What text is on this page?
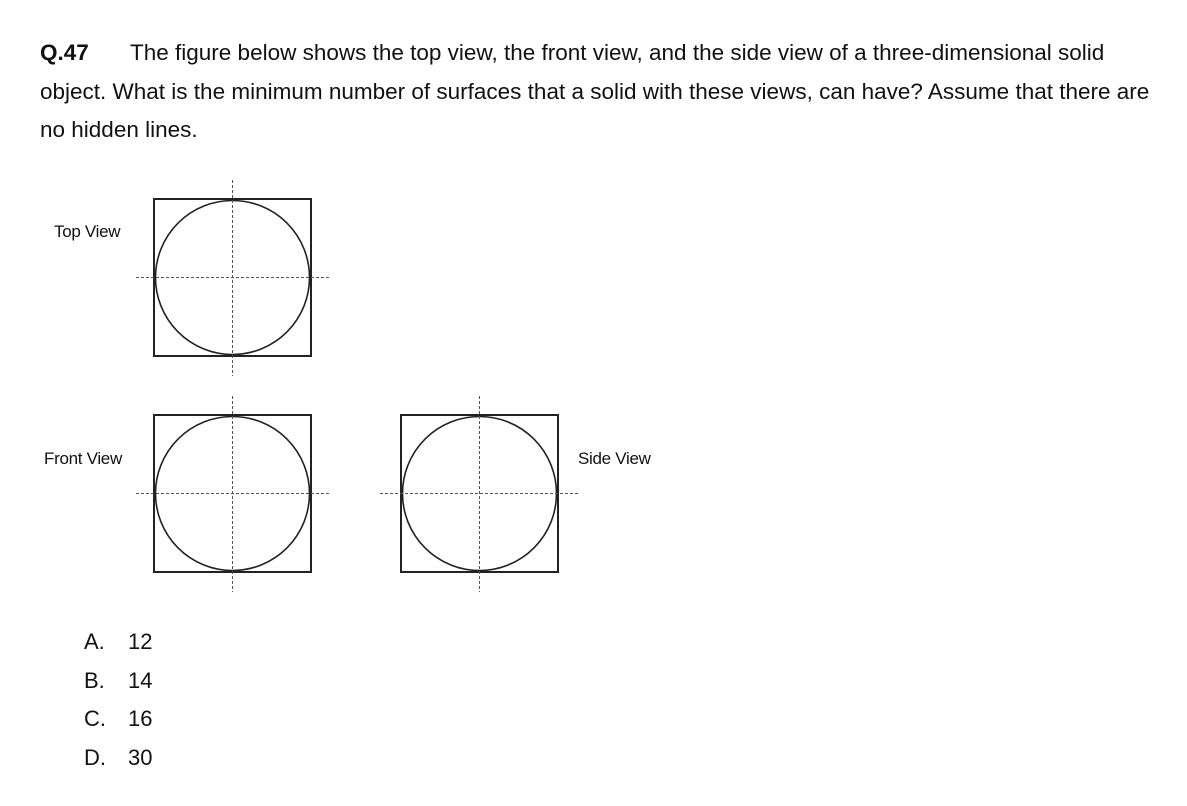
Q.47 The figure below shows the top view, the front view, and the side view of a three-dimensional solid object. What is the minimum number of surfaces that a solid with these views, can have? Assume that there are no hidden lines.

Top View
Front View	Side View
A. 12
B. 14
C. 16
D. 30
